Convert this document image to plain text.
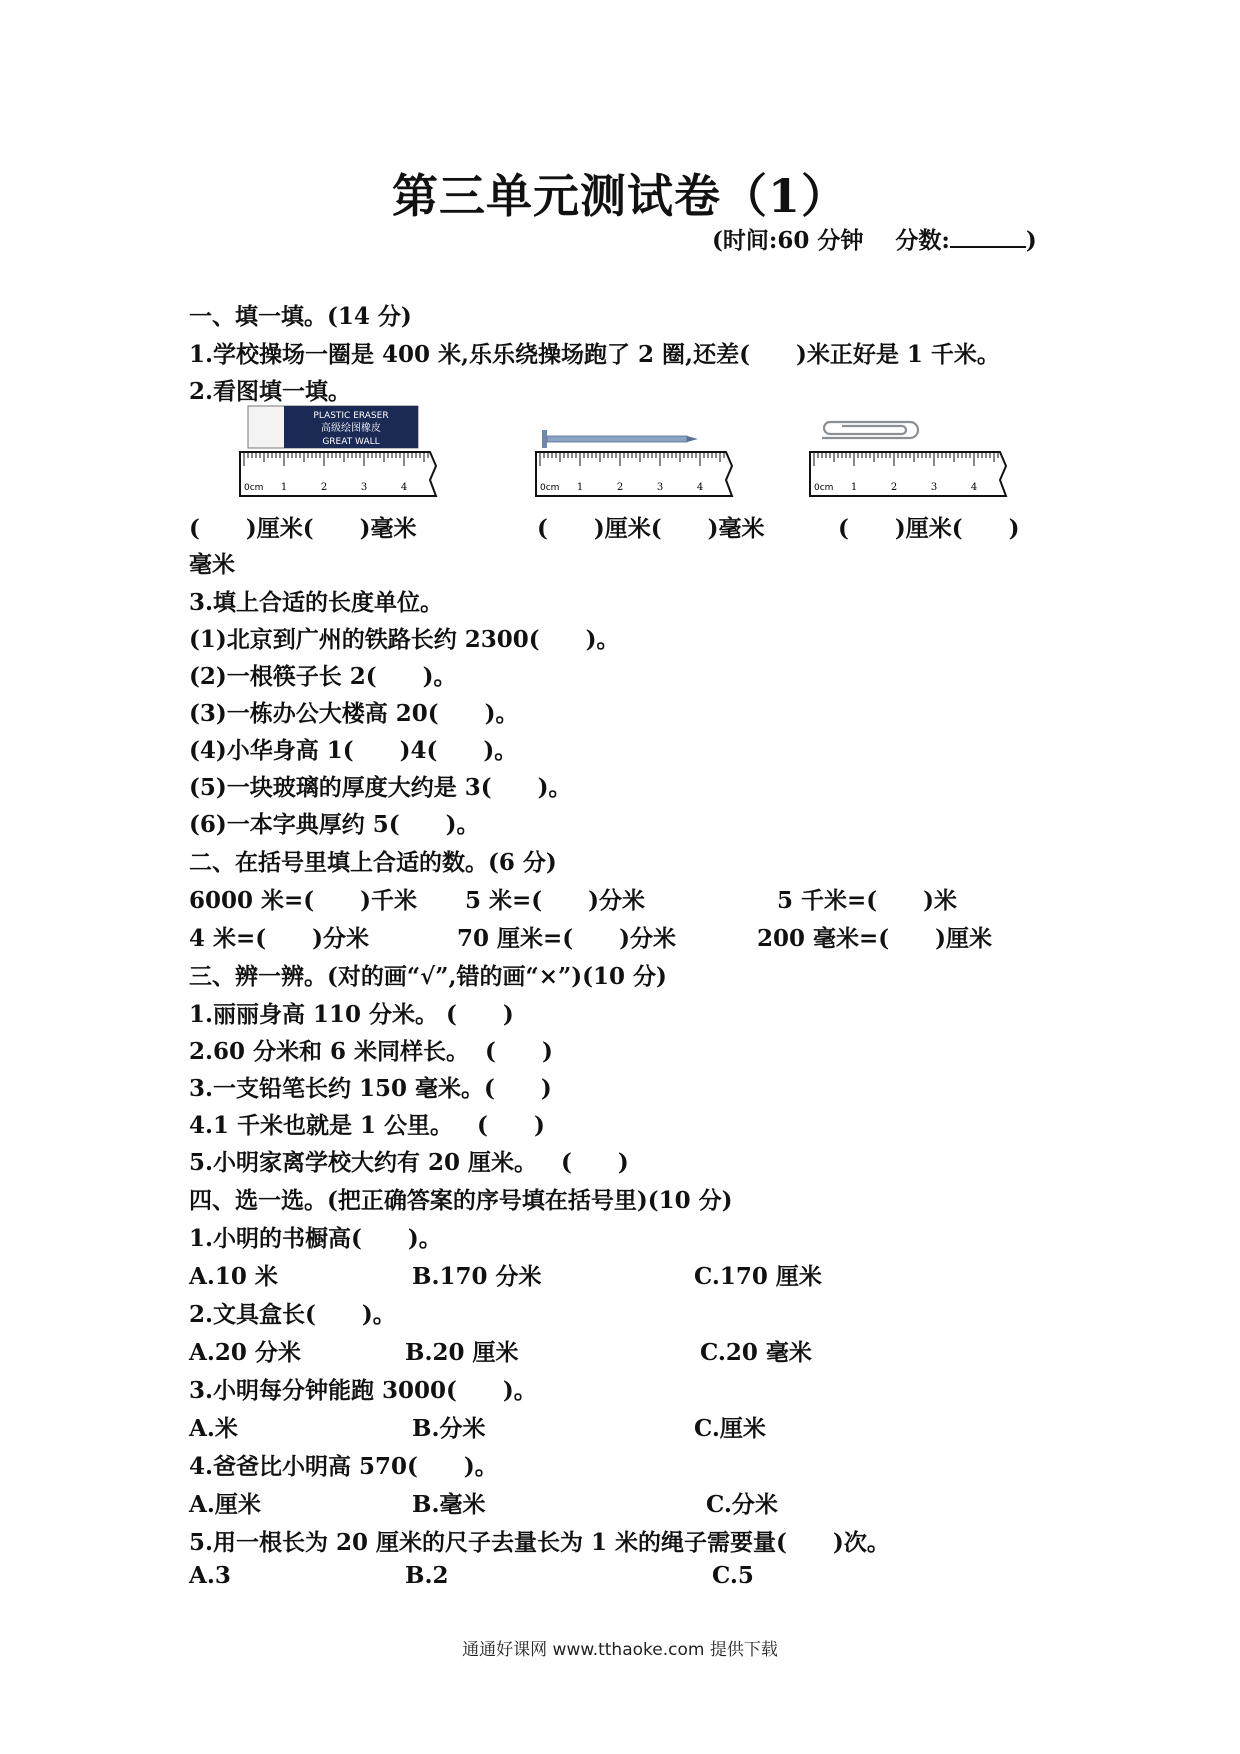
第三单元测试卷（1）
(时间:60 分钟 分数:	)
一、填一填。(14 分)
1.学校操场一圈是 400 米,乐乐绕操场跑了 2 圈,还差(　　)米正好是 1 千米。
2.看图填一填。
PLASTIC ERASER
高级绘图橡皮
GREAT WALL
0cm 1	2	3	4	0cm 1	2	3	4	0cm 1	2	3	4
(　　)厘米(　　)毫米	(　　)厘米(　　)毫米	(　　)厘米(　　)
毫米
3.填上合适的长度单位。
(1)北京到广州的铁路长约 2300(　　)。
(2)一根筷子长 2(　　)。
(3)一栋办公大楼高 20(　　)。
(4)小华身高 1(　　)4(　　)。
(5)一块玻璃的厚度大约是 3(　　)。
(6)一本字典厚约 5(　　)。
二、在括号里填上合适的数。(6 分)
6000 米=(　　)千米 5 米=(　　)分米	5 千米=(　　)米
4 米=(　　)分米	70 厘米=(　　)分米	200 毫米=(　　)厘米
三、辨一辨。(对的画“√”,错的画“×”)(10 分)
1.丽丽身高 110 分米。 (　　)
2.60 分米和 6 米同样长。  (　　)
3.一支铅笔长约 150 毫米。(　　)
4.1 千米也就是 1 公里。   (　　)
5.小明家离学校大约有 20 厘米。   (　　)
四、选一选。(把正确答案的序号填在括号里)(10 分)
1.小明的书橱高(　　)。
A.10 米	B.170 分米	C.170 厘米
2.文具盒长(　　)。
A.20 分米	B.20 厘米	C.20 毫米
3.小明每分钟能跑 3000(　　)。
A.米	B.分米	C.厘米
4.爸爸比小明高 570(　　)。
A.厘米	B.毫米	C.分米
5.用一根长为 20 厘米的尺子去量长为 1 米的绳子需要量(　　)次。
A.3	B.2	C.5
通通好课网 www.tthaoke.com 提供下载
